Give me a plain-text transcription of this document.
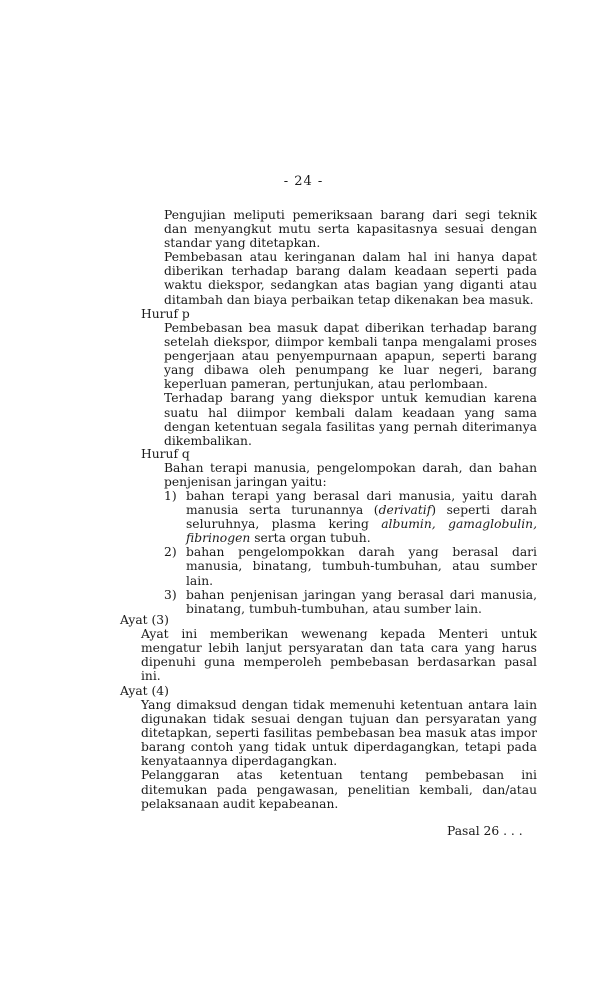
- 24 -

Pengujian meliputi pemeriksaan barang dari segi teknik dan menyangkut mutu serta kapasitasnya sesuai dengan standar yang ditetapkan.

Pembebasan atau keringanan dalam hal ini hanya dapat diberikan terhadap barang dalam keadaan seperti pada waktu diekspor, sedangkan atas bagian yang diganti atau ditambah dan biaya perbaikan tetap dikenakan bea masuk.

Huruf p

Pembebasan bea masuk dapat diberikan terhadap barang setelah diekspor, diimpor kembali tanpa mengalami proses pengerjaan atau penyempurnaan apapun, seperti barang yang dibawa oleh penumpang ke luar negeri, barang keperluan pameran, pertunjukan, atau perlombaan.

Terhadap barang yang diekspor untuk kemudian karena suatu hal diimpor kembali dalam keadaan yang sama dengan ketentuan segala fasilitas yang pernah diterimanya dikembalikan.

Huruf q
Bahan terapi manusia, pengelompokan darah, dan bahan penjenisan jaringan yaitu:
1) bahan terapi yang berasal dari manusia, yaitu darah manusia serta turunannya (derivatif) seperti darah seluruhnya, plasma kering albumin, gamaglobulin, fibrinogen serta organ tubuh.
2) bahan pengelompokkan darah yang berasal dari manusia, binatang, tumbuh-tumbuhan, atau sumber lain.
3) bahan penjenisan jaringan yang berasal dari manusia, binatang, tumbuh-tumbuhan, atau sumber lain.
Ayat (3)
Ayat ini memberikan wewenang kepada Menteri untuk mengatur lebih lanjut persyaratan dan tata cara yang harus dipenuhi guna memperoleh pembebasan berdasarkan pasal ini.
Ayat (4)

Yang dimaksud dengan tidak memenuhi ketentuan antara lain digunakan tidak sesuai dengan tujuan dan persyaratan yang ditetapkan, seperti fasilitas pembebasan bea masuk atas impor barang contoh yang tidak untuk diperdagangkan, tetapi pada kenyataannya diperdagangkan.

Pelanggaran atas ketentuan tentang pembebasan ini ditemukan pada pengawasan, penelitian kembali, dan/atau pelaksanaan audit kepabeanan.

Pasal 26 . . .
